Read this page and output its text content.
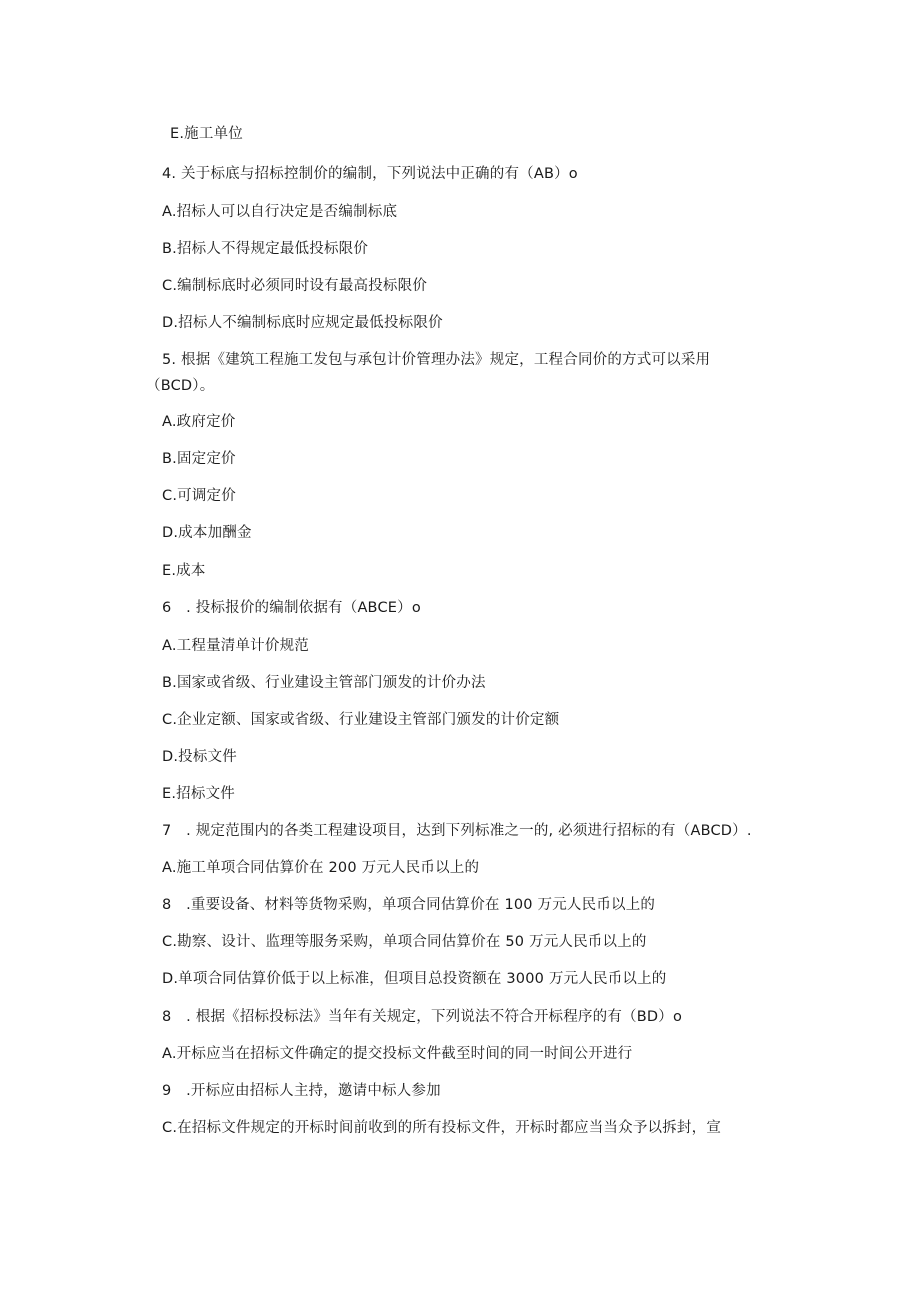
E.施工单位
4. 关于标底与招标控制价的编制，下列说法中正确的有（AB）o
A.招标人可以自行决定是否编制标底
B.招标人不得规定最低投标限价
C.编制标底时必须同时设有最高投标限价
D.招标人不编制标底时应规定最低投标限价
5. 根据《建筑工程施工发包与承包计价管理办法》规定，工程合同价的方式可以采用
（BCD）。
A.政府定价
B.固定定价
C.可调定价
D.成本加酬金
E.成本
6　. 投标报价的编制依据有（ABCE）o
A.工程量清单计价规范
B.国家或省级、行业建设主管部门颁发的计价办法
C.企业定额、国家或省级、行业建设主管部门颁发的计价定额
D.投标文件
E.招标文件
7　. 规定范围内的各类工程建设项目，达到下列标准之一的, 必须进行招标的有（ABCD）.
A.施工单项合同估算价在 200 万元人民币以上的
8　.重要设备、材料等货物采购，单项合同估算价在 100 万元人民币以上的
C.勘察、设计、监理等服务采购，单项合同估算价在 50 万元人民币以上的
D.单项合同估算价低于以上标准，但项目总投资额在 3000 万元人民币以上的
8　. 根据《招标投标法》当年有关规定，下列说法不符合开标程序的有（BD）o
A.开标应当在招标文件确定的提交投标文件截至时间的同一时间公开进行
9　.开标应由招标人主持，邀请中标人参加
C.在招标文件规定的开标时间前收到的所有投标文件，开标时都应当当众予以拆封，宣
